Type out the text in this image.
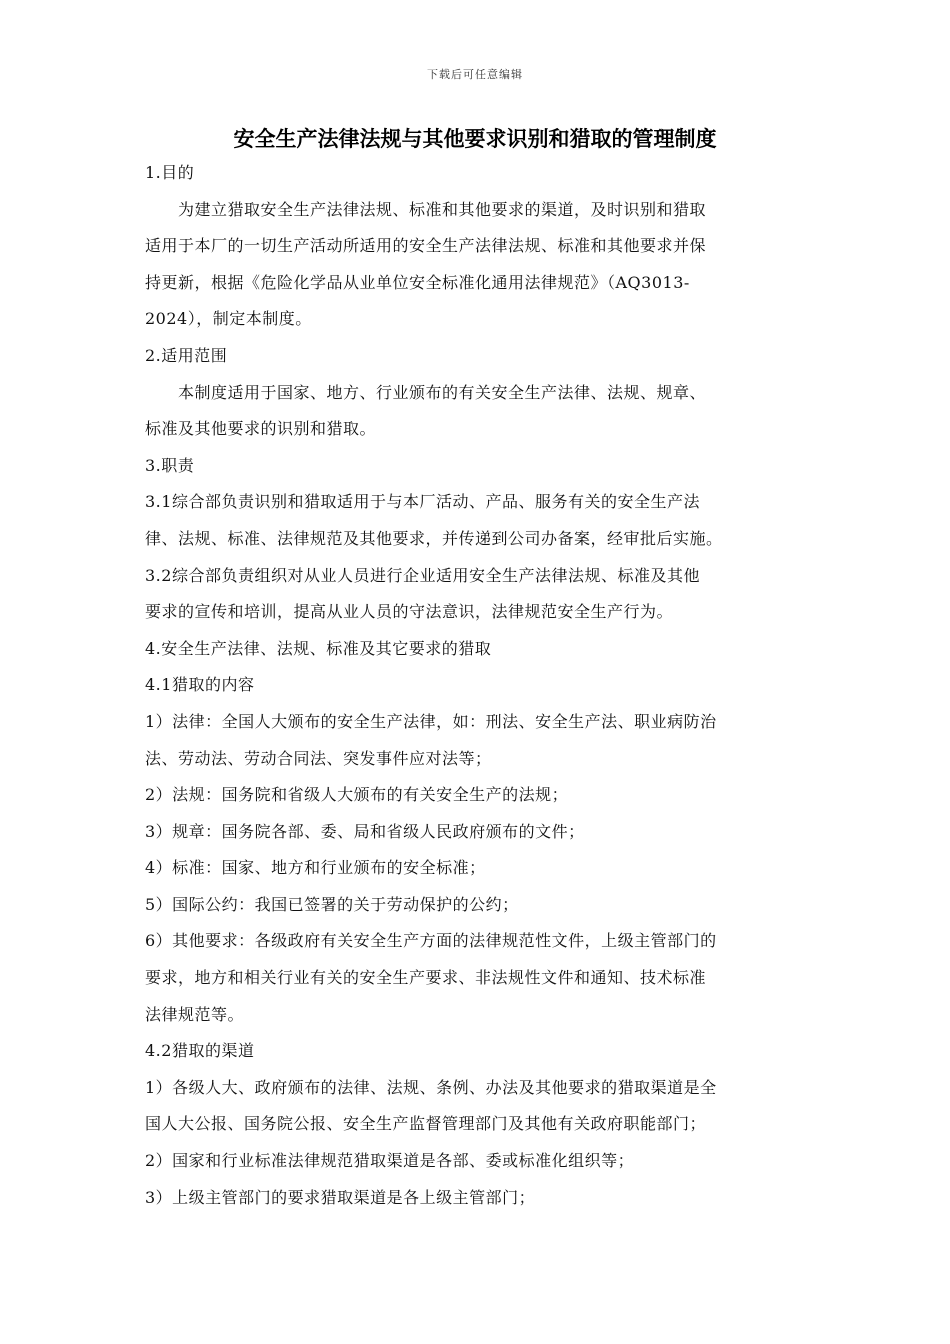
下载后可任意编辑
安全生产法律法规与其他要求识别和猎取的管理制度

1.目的

　　为建立猎取安全生产法律法规、标准和其他要求的渠道，及时识别和猎取

适用于本厂的一切生产活动所适用的安全生产法律法规、标准和其他要求并保

持更新，根据《危险化学品从业单位安全标准化通用法律规范》（AQ3013-

2024），制定本制度。

2.适用范围

　　本制度适用于国家、地方、行业颁布的有关安全生产法律、法规、规章、

标准及其他要求的识别和猎取。

3.职责

3.1综合部负责识别和猎取适用于与本厂活动、产品、服务有关的安全生产法

律、法规、标准、法律规范及其他要求，并传递到公司办备案，经审批后实施。

3.2综合部负责组织对从业人员进行企业适用安全生产法律法规、标准及其他

要求的宣传和培训，提高从业人员的守法意识，法律规范安全生产行为。

4.安全生产法律、法规、标准及其它要求的猎取

4.1猎取的内容

1）法律：全国人大颁布的安全生产法律，如：刑法、安全生产法、职业病防治

法、劳动法、劳动合同法、突发事件应对法等；

2）法规：国务院和省级人大颁布的有关安全生产的法规；

3）规章：国务院各部、委、局和省级人民政府颁布的文件；

4）标准：国家、地方和行业颁布的安全标准；

5）国际公约：我国已签署的关于劳动保护的公约；

6）其他要求：各级政府有关安全生产方面的法律规范性文件，上级主管部门的

要求，地方和相关行业有关的安全生产要求、非法规性文件和通知、技术标准

法律规范等。

4.2猎取的渠道

1）各级人大、政府颁布的法律、法规、条例、办法及其他要求的猎取渠道是全

国人大公报、国务院公报、安全生产监督管理部门及其他有关政府职能部门；

2）国家和行业标准法律规范猎取渠道是各部、委或标准化组织等；

3）上级主管部门的要求猎取渠道是各上级主管部门；
